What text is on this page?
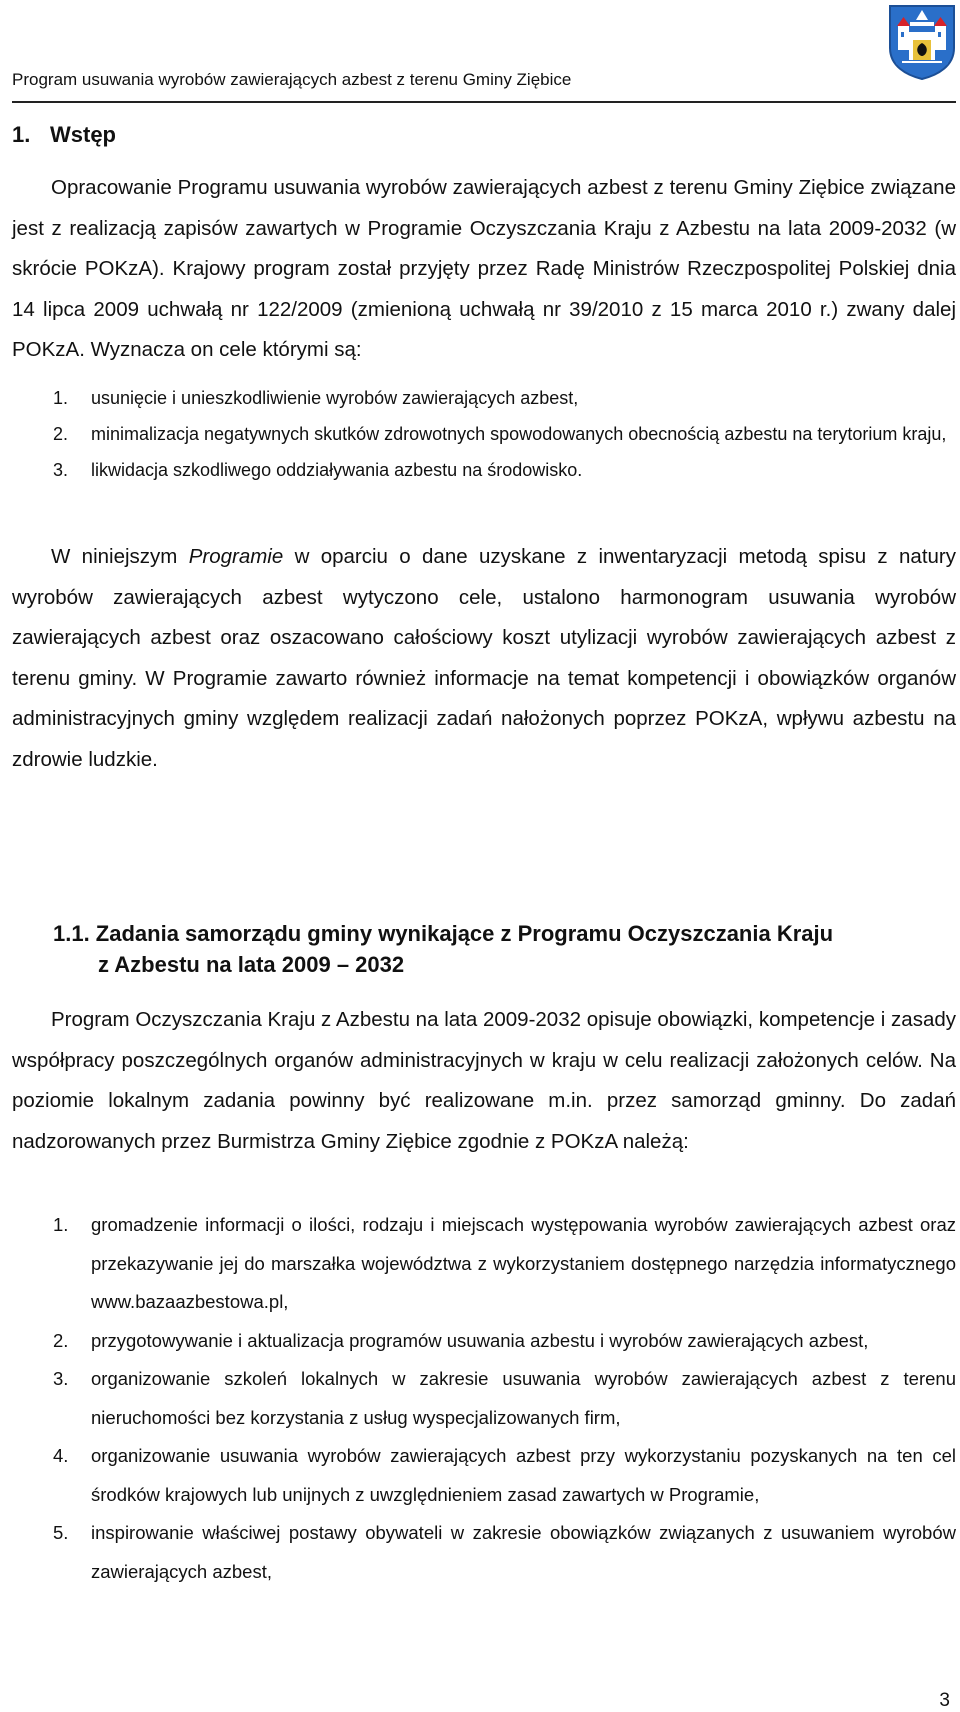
Program usuwania wyrobów zawierających azbest z terenu Gminy Ziębice
1. Wstęp

Opracowanie Programu usuwania wyrobów zawierających azbest z terenu Gminy Ziębice związane jest z realizacją zapisów zawartych w Programie Oczyszczania Kraju z Azbestu na lata 2009-2032 (w skrócie POKzA). Krajowy program został przyjęty przez Radę Ministrów Rzeczpospolitej Polskiej dnia 14 lipca 2009 uchwałą nr 122/2009 (zmienioną uchwałą nr 39/2010 z 15 marca 2010 r.) zwany dalej POKzA. Wyznacza on cele którymi są:

1. usunięcie i unieszkodliwienie wyrobów zawierających azbest,
2. minimalizacja negatywnych skutków zdrowotnych spowodowanych obecnością azbestu na terytorium kraju,
3. likwidacja szkodliwego oddziaływania azbestu na środowisko.

W niniejszym Programie w oparciu o dane uzyskane z inwentaryzacji metodą spisu z natury wyrobów zawierających azbest wytyczono cele, ustalono harmonogram usuwania wyrobów zawierających azbest oraz oszacowano całościowy koszt utylizacji wyrobów zawierających azbest z terenu gminy. W Programie zawarto również informacje na temat kompetencji i obowiązków organów administracyjnych gminy względem realizacji zadań nałożonych poprzez POKzA, wpływu azbestu na zdrowie ludzkie.

1.1. Zadania samorządu gminy wynikające z Programu Oczyszczania Kraju
z Azbestu na lata 2009 – 2032

Program Oczyszczania Kraju z Azbestu na lata 2009-2032 opisuje obowiązki, kompetencje i zasady współpracy poszczególnych organów administracyjnych w kraju w celu realizacji założonych celów. Na poziomie lokalnym zadania powinny być realizowane m.in. przez samorząd gminny. Do zadań nadzorowanych przez Burmistrza Gminy Ziębice zgodnie z POKzA należą:

1. gromadzenie informacji o ilości, rodzaju i miejscach występowania wyrobów zawierających azbest oraz przekazywanie jej do marszałka województwa z wykorzystaniem dostępnego narzędzia informatycznego www.bazaazbestowa.pl,
2. przygotowywanie i aktualizacja programów usuwania azbestu i wyrobów zawierających azbest,
3. organizowanie szkoleń lokalnych w zakresie usuwania wyrobów zawierających azbest z terenu nieruchomości bez korzystania z usług wyspecjalizowanych firm,
4. organizowanie usuwania wyrobów zawierających azbest przy wykorzystaniu pozyskanych na ten cel środków krajowych lub unijnych z uwzględnieniem zasad zawartych w Programie,
5. inspirowanie właściwej postawy obywateli w zakresie obowiązków związanych z usuwaniem wyrobów zawierających azbest,
3
